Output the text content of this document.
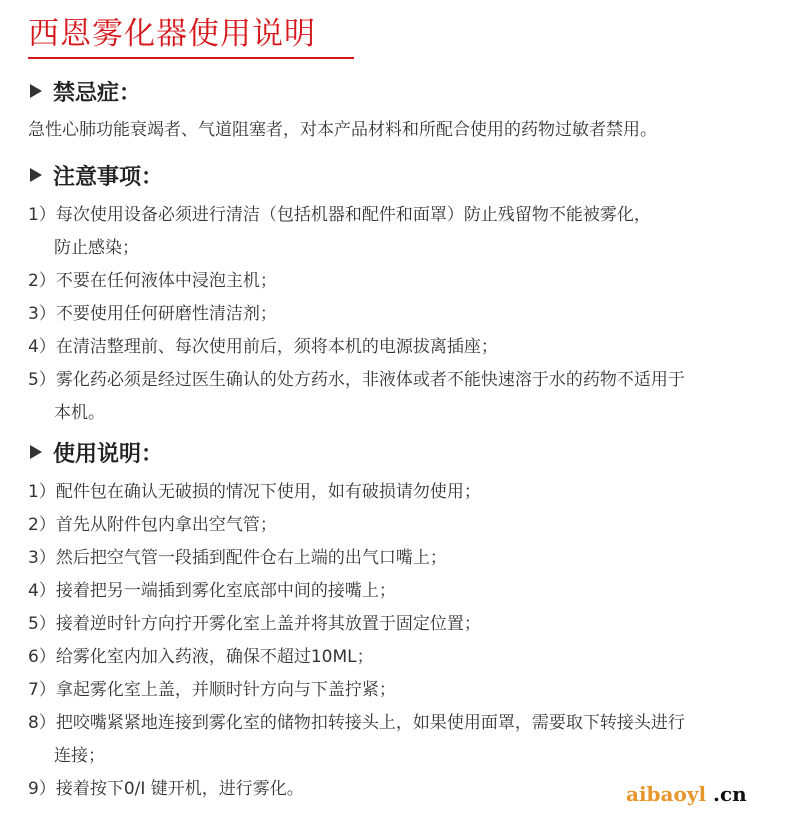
西恩雾化器使用说明
禁忌症：
急性心肺功能衰竭者、气道阻塞者，对本产品材料和所配合使用的药物过敏者禁用。
注意事项：
1）每次使用设备必须进行清洁（包括机器和配件和面罩）防止残留物不能被雾化，
防止感染；
2）不要在任何液体中浸泡主机；
3）不要使用任何研磨性清洁剂；
4）在清洁整理前、每次使用前后，须将本机的电源拔离插座；
5）雾化药必须是经过医生确认的处方药水，非液体或者不能快速溶于水的药物不适用于
本机。
使用说明：
1）配件包在确认无破损的情况下使用，如有破损请勿使用；
2）首先从附件包内拿出空气管；
3）然后把空气管一段插到配件仓右上端的出气口嘴上；
4）接着把另一端插到雾化室底部中间的接嘴上；
5）接着逆时针方向拧开雾化室上盖并将其放置于固定位置；
6）给雾化室内加入药液，确保不超过10ML；
7）拿起雾化室上盖，并顺时针方向与下盖拧紧；
8）把咬嘴紧紧地连接到雾化室的储物扣转接头上，如果使用面罩，需要取下转接头进行
连接；
9）接着按下0/I 键开机，进行雾化。	aibaoyl .cn
